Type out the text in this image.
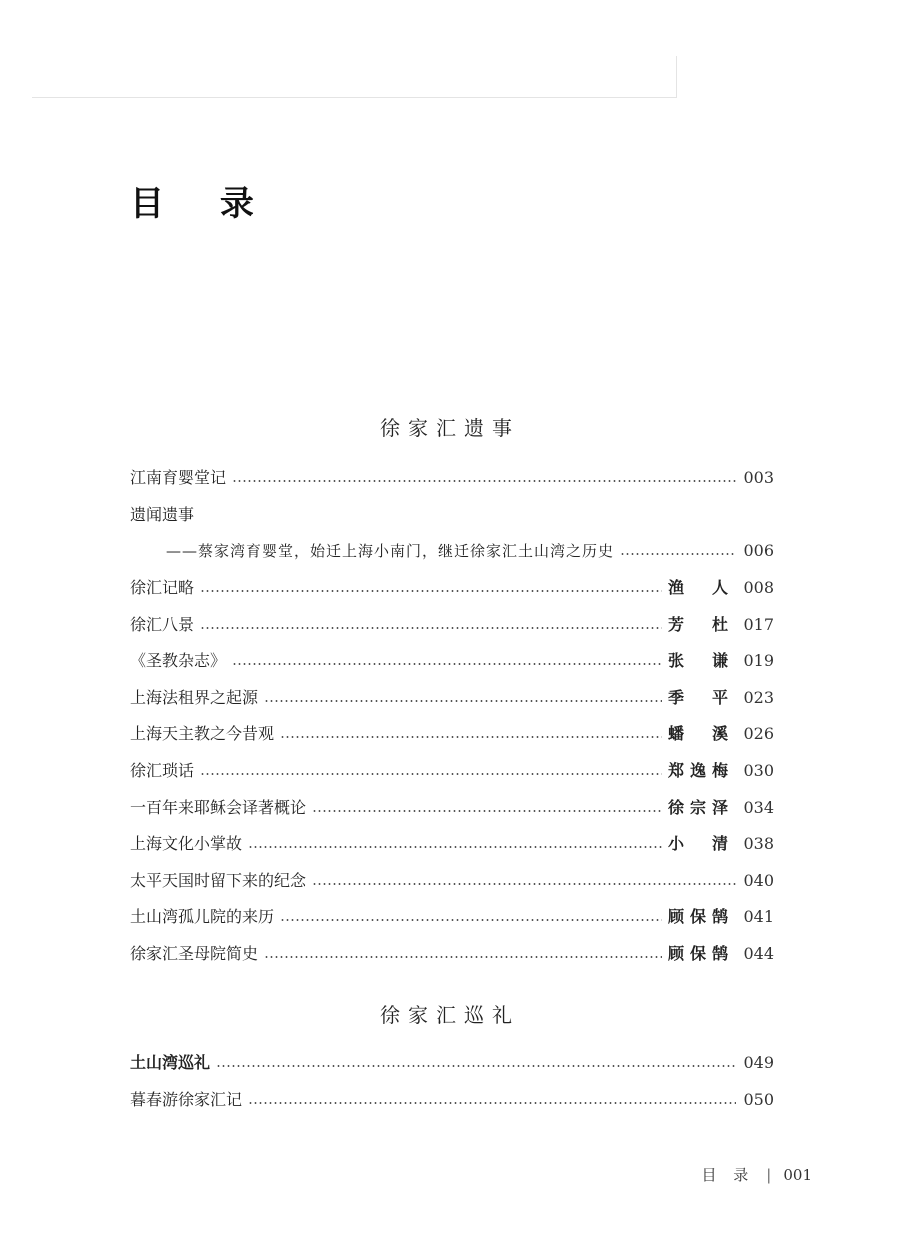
目 录
徐家汇遗事
江南育婴堂记	003
遗闻遗事
——蔡家湾育婴堂，始迁上海小南门，继迁徐家汇土山湾之历史	006
徐汇记略	渔　人 008
徐汇八景	芳　杜 017
《圣教杂志》	张　谦 019
上海法租界之起源	季　平 023
上海天主教之今昔观	蟠　溪 026
徐汇琐话	郑逸梅 030
一百年来耶稣会译著概论	徐宗泽 034
上海文化小掌故	小　清 038
太平天国时留下来的纪念	040
土山湾孤儿院的来历	顾保鹄 041
徐家汇圣母院简史	顾保鹄 044
徐家汇巡礼
土山湾巡礼	049
暮春游徐家汇记	050
目 录 | 001
